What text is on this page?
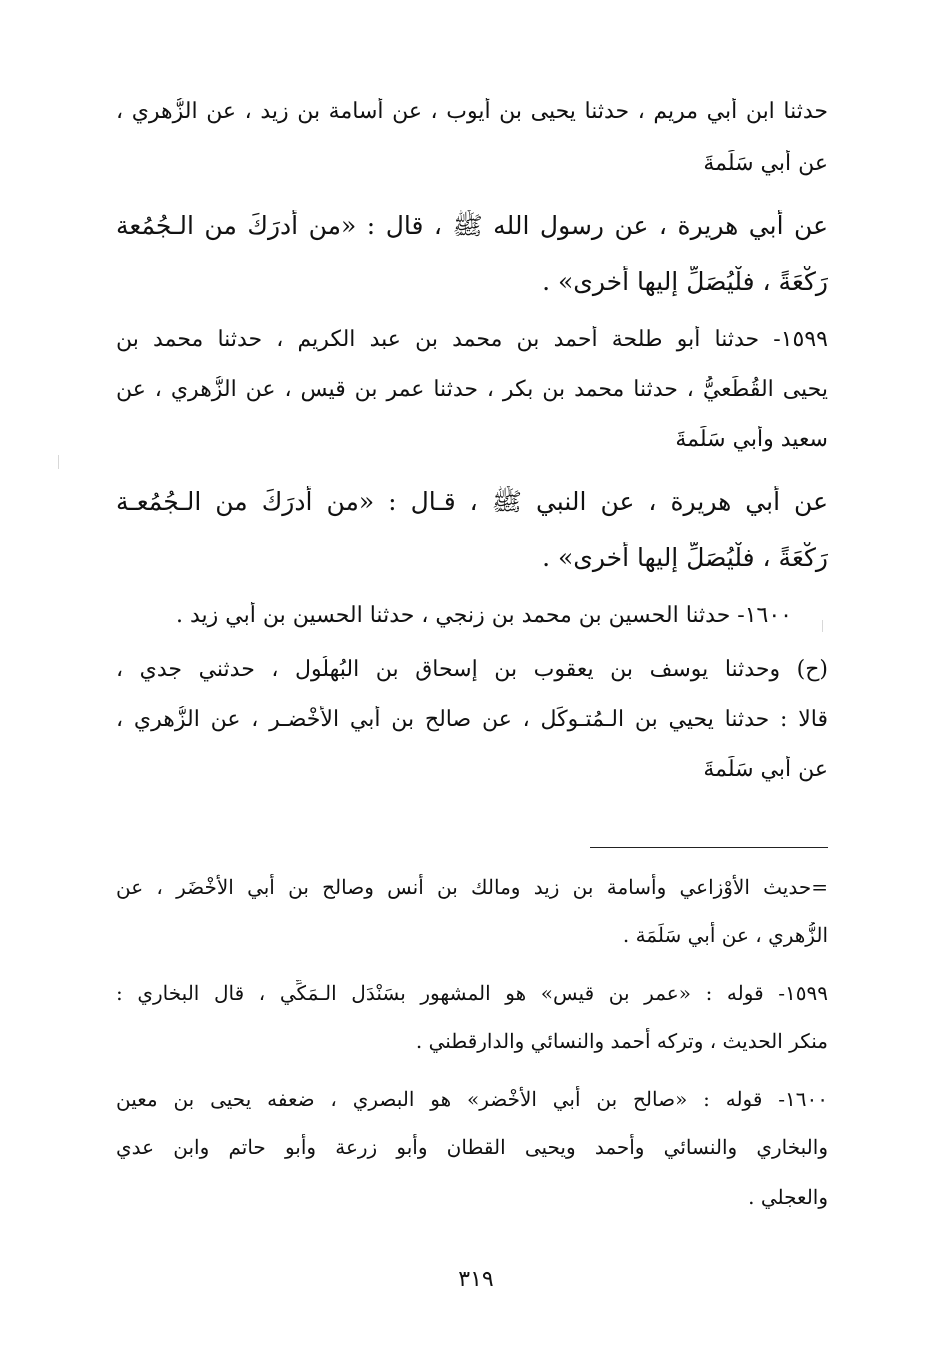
حدثنا ابن أبي مريم ، حدثنا يحيى بن أيوب ، عن أُسامة بن زيد ، عن الزُّهري ،
عن أبي سَلَمةَ
عن أبي هريرة ، عن رسول الله ﷺ ، قال : «من أَدرَكَ من الـجُمُعة
رَكْعَةً ، فلْيُصَلِّ إليها أُخرى» .
١٥٩٩- حدثنا أَبو طلحة أحمد بن محمد بن عبد الكريم ، حدثنا محمد بن
يحيى القُطَعيُّ ، حدثنا محمد بن بكر ، حدثنا عمر بن قيس ، عن الزُّهري ، عن
سعيد وأَبي سَلَمةَ
عن أبي هريرة ، عن النبي ﷺ ، قـال : «من أَدرَكَ من الـجُمُعـة
رَكْعَةً ، فلْيُصَلِّ إليها أُخرى» .
١٦٠٠- حدثنا الحسين بن محمد بن زنجي ، حدثنا الحسين بن أبي زيد .
(ح) وحدثنا يوسف بن يعقوب بن إسحاق بن البُهلُول ، حدثني جدي ،
قالا : حدثنا يحيي بن الـمُتـوكِّل ، عن صالح بن أبي الأَخْضـر ، عن الزُّهري ،
عن أبي سَلَمةَ
=حديث الأَوْزاعي وأُسامة بن زيد ومالك بن أنس وصالح بن أَبي الأَخْضَر ، عن
الزُّهري ، عن أبي سَلَمَة .
١٥٩٩- قوله : «عمر بن قيس» هو المشهور بسَنْدَل الـمَكِّي ، قال البخاري :
منكر الحديث ، وتركه أحمد والنسائي والدارقطني .
١٦٠٠- قوله : «صالح بن أبي الأَخْضر» هو البصري ، ضعفه يحيى بن معين
والبخاري والنسائي وأحمد ويحيى القطان وأبو زرعة وأبو حاتم وابن عدي
والعجلي .
٣١٩
